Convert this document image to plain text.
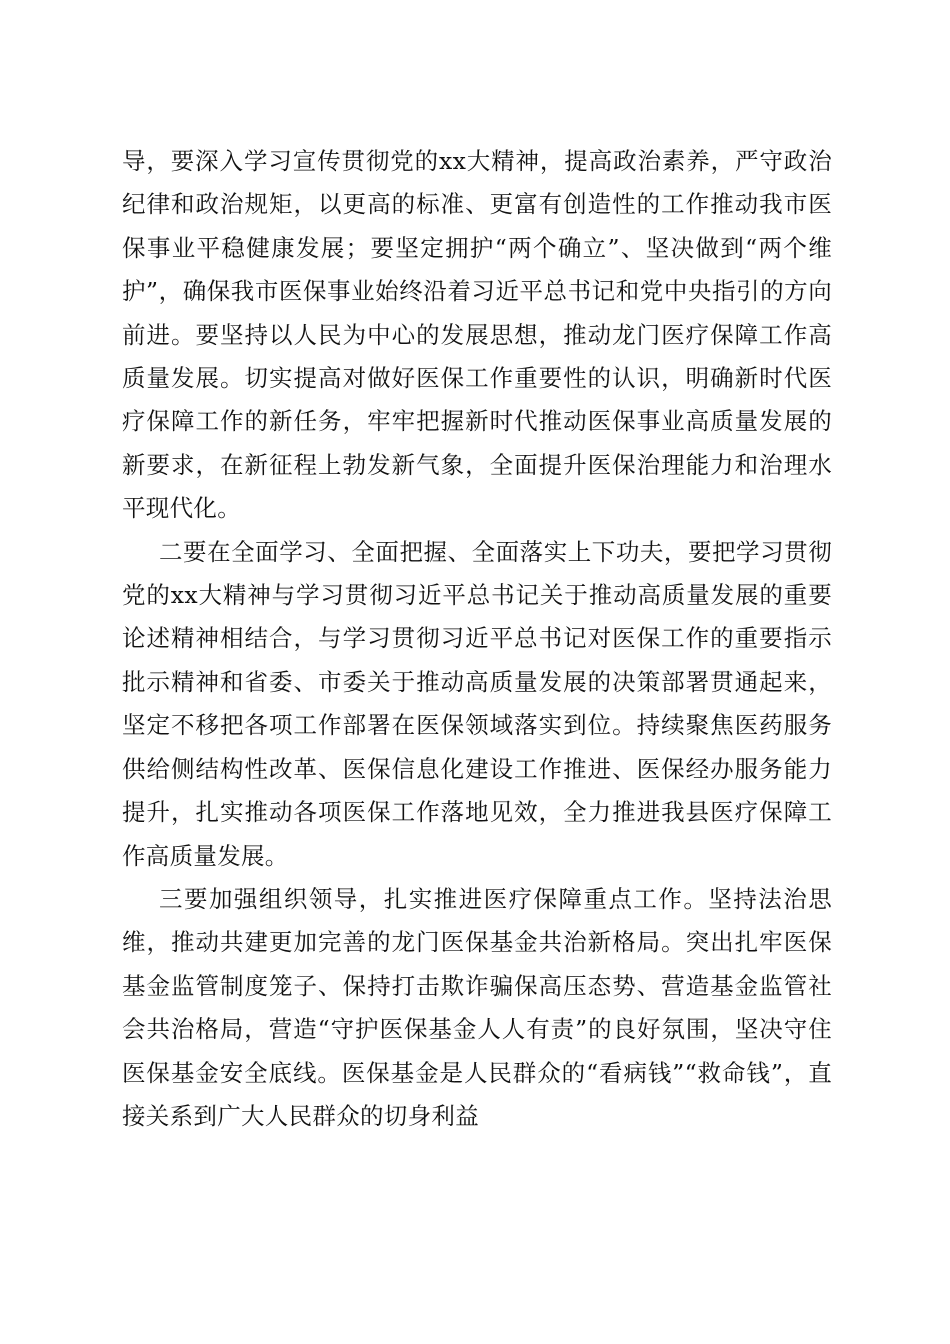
导，要深入学习宣传贯彻党的xx大精神，提高政治素养，严守政治纪律和政治规矩，以更高的标准、更富有创造性的工作推动我市医保事业平稳健康发展；要坚定拥护“两个确立”、坚决做到“两个维护”，确保我市医保事业始终沿着习近平总书记和党中央指引的方向前进。要坚持以人民为中心的发展思想，推动龙门医疗保障工作高质量发展。切实提高对做好医保工作重要性的认识，明确新时代医疗保障工作的新任务，牢牢把握新时代推动医保事业高质量发展的新要求，在新征程上勃发新气象，全面提升医保治理能力和治理水平现代化。

二要在全面学习、全面把握、全面落实上下功夫，要把学习贯彻党的xx大精神与学习贯彻习近平总书记关于推动高质量发展的重要论述精神相结合，与学习贯彻习近平总书记对医保工作的重要指示批示精神和省委、市委关于推动高质量发展的决策部署贯通起来，坚定不移把各项工作部署在医保领域落实到位。持续聚焦医药服务供给侧结构性改革、医保信息化建设工作推进、医保经办服务能力提升，扎实推动各项医保工作落地见效，全力推进我县医疗保障工作高质量发展。

三要加强组织领导，扎实推进医疗保障重点工作。坚持法治思维，推动共建更加完善的龙门医保基金共治新格局。突出扎牢医保基金监管制度笼子、保持打击欺诈骗保高压态势、营造基金监管社会共治格局，营造“守护医保基金人人有责”的良好氛围，坚决守住医保基金安全底线。医保基金是人民群众的“看病钱”“救命钱”，直接关系到广大人民群众的切身利益
